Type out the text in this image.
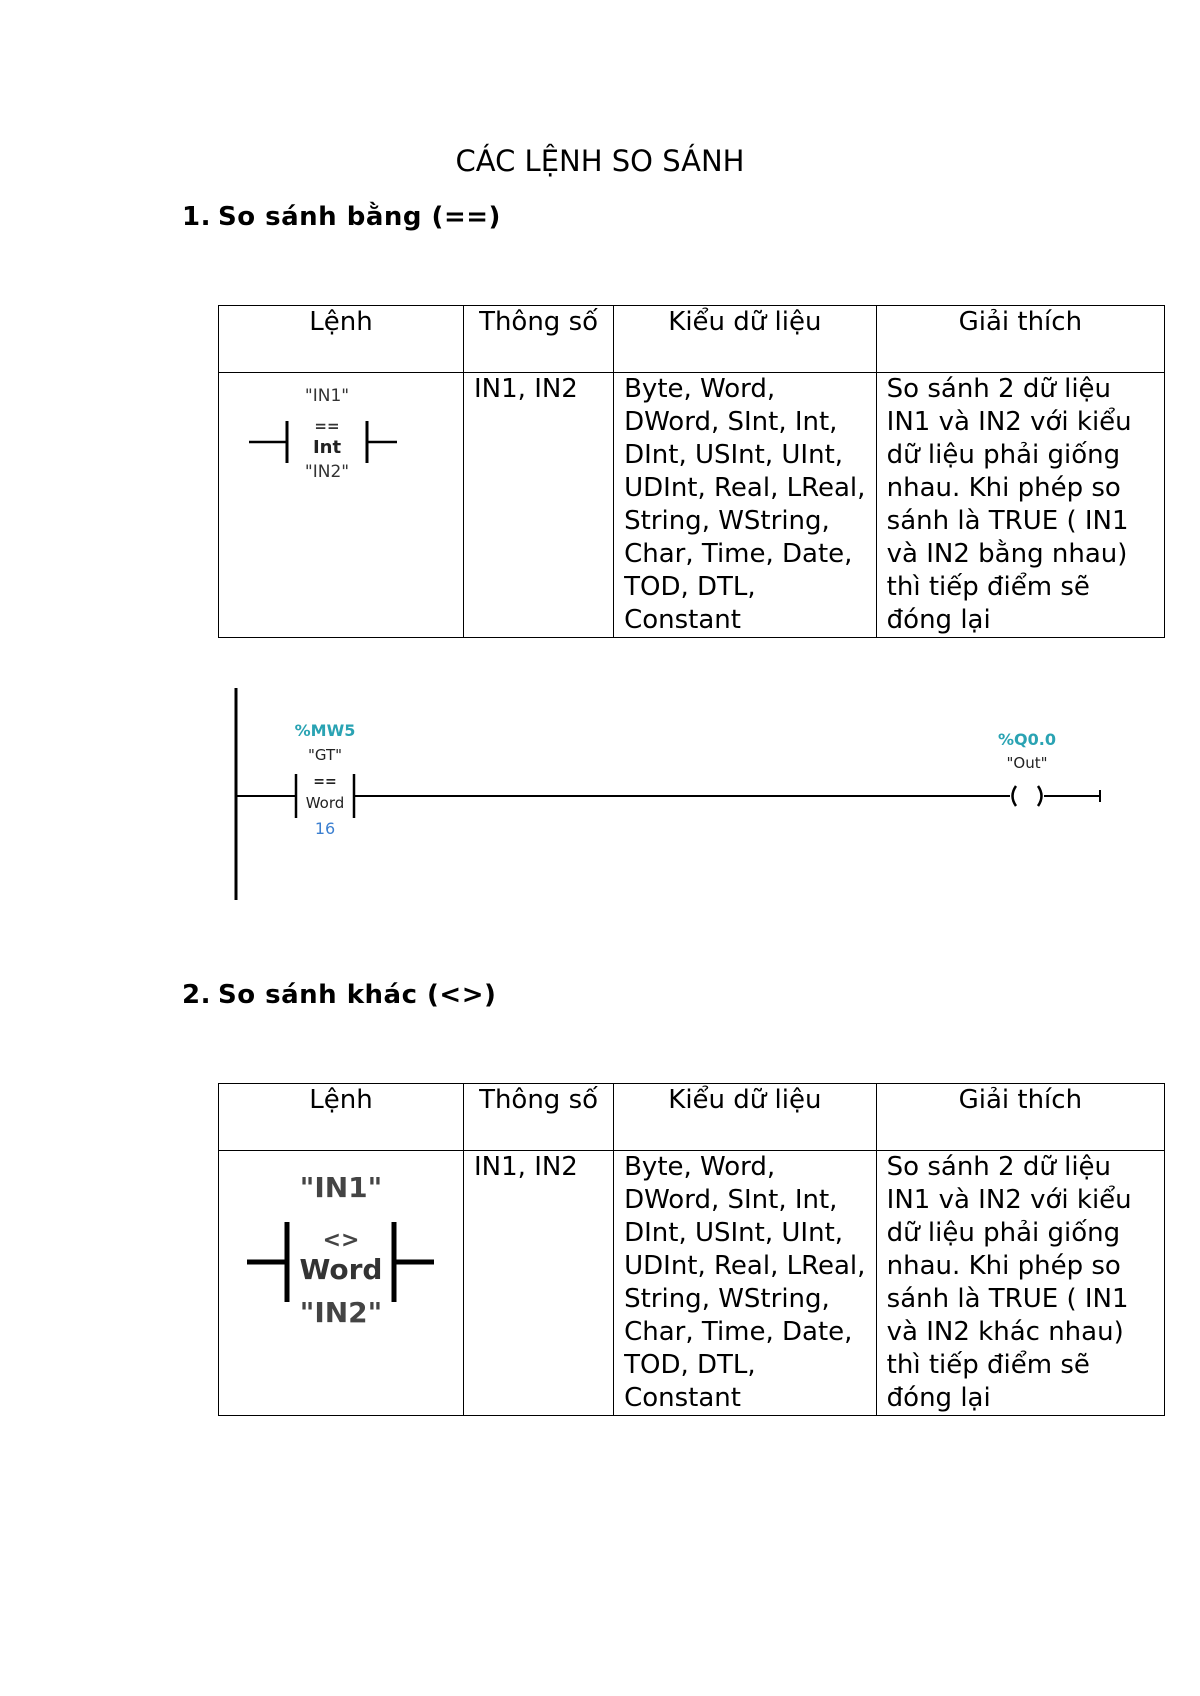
CÁC LỆNH SO SÁNH
1. So sánh bằng (==)
Lệnh	Thông số	Kiểu dữ liệu	Giải thích

"IN1"
==
Int
"IN2"	IN1, IN2	Byte, Word, DWord, SInt, Int, DInt, USInt, UInt, UDInt, Real, LReal, String, WString, Char, Time, Date, TOD, DTL, Constant	So sánh 2 dữ liệu IN1 và IN2 với kiểu dữ liệu phải giống nhau. Khi phép so sánh là TRUE ( IN1 và IN2 bằng nhau) thì tiếp điểm sẽ đóng lại
%MW5
"GT"
==
Word
16
%Q0.0
"Out"
2. So sánh khác (<>)
Lệnh	Thông số	Kiểu dữ liệu	Giải thích

"IN1"
<>
Word
"IN2"	IN1, IN2	Byte, Word, DWord, SInt, Int, DInt, USInt, UInt, UDInt, Real, LReal, String, WString, Char, Time, Date, TOD, DTL, Constant	So sánh 2 dữ liệu IN1 và IN2 với kiểu dữ liệu phải giống nhau. Khi phép so sánh là TRUE ( IN1 và IN2 khác nhau) thì tiếp điểm sẽ đóng lại
